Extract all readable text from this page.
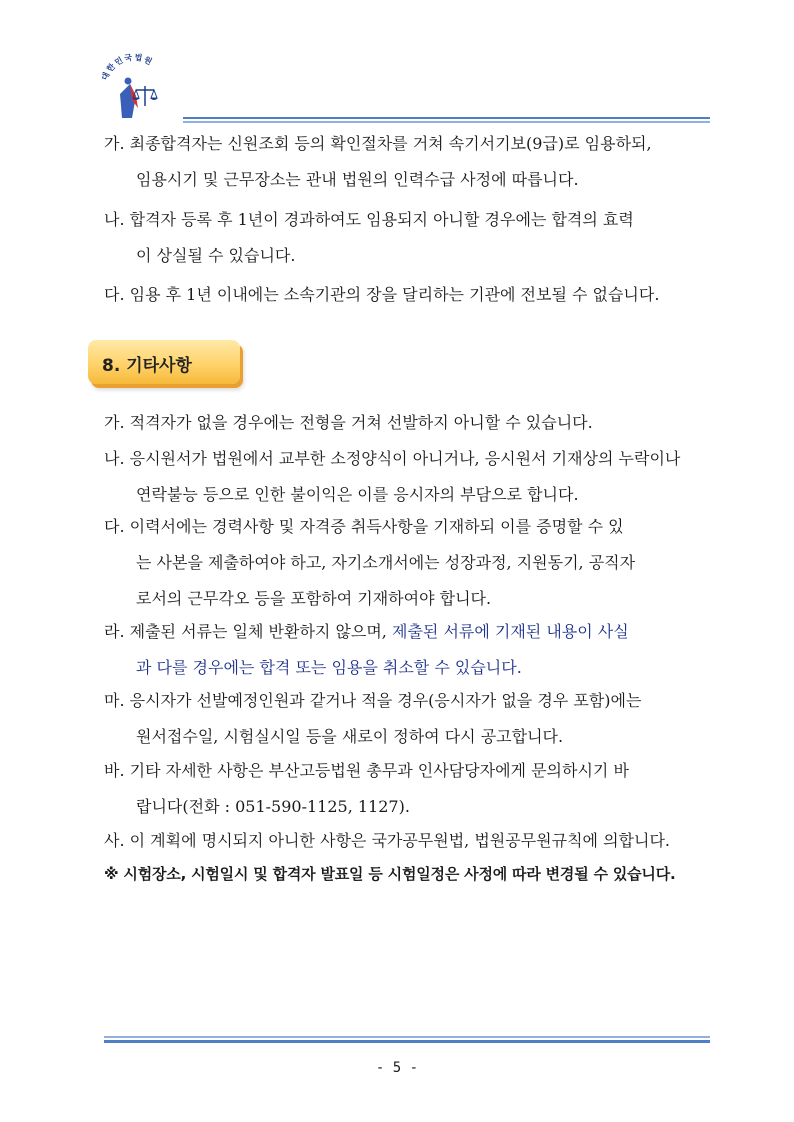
대한민국법원
가. 최종합격자는 신원조회 등의 확인절차를 거쳐 속기서기보(9급)로 임용하되,
임용시기 및 근무장소는 관내 법원의 인력수급 사정에 따릅니다.
나. 합격자 등록 후 1년이 경과하여도 임용되지 아니할 경우에는 합격의 효력
이 상실될 수 있습니다.
다. 임용 후 1년 이내에는 소속기관의 장을 달리하는 기관에 전보될 수 없습니다.
8. 기타사항
가. 적격자가 없을 경우에는 전형을 거쳐 선발하지 아니할 수 있습니다.
나. 응시원서가 법원에서 교부한 소정양식이 아니거나, 응시원서 기재상의 누락이나
연락불능 등으로 인한 불이익은 이를 응시자의 부담으로 합니다.
다. 이력서에는 경력사항 및 자격증 취득사항을 기재하되 이를 증명할 수 있
는 사본을 제출하여야 하고, 자기소개서에는 성장과정, 지원동기, 공직자
로서의 근무각오 등을 포함하여 기재하여야 합니다.
라. 제출된 서류는 일체 반환하지 않으며, 제출된 서류에 기재된 내용이 사실
과 다를 경우에는 합격 또는 임용을 취소할 수 있습니다.
마. 응시자가 선발예정인원과 같거나 적을 경우(응시자가 없을 경우 포함)에는
원서접수일, 시험실시일 등을 새로이 정하여 다시 공고합니다.
바. 기타 자세한 사항은 부산고등법원 총무과 인사담당자에게 문의하시기 바
랍니다(전화 : 051-590-1125, 1127).
사. 이 계획에 명시되지 아니한 사항은 국가공무원법, 법원공무원규칙에 의합니다.
※ 시험장소, 시험일시 및 합격자 발표일 등 시험일정은 사정에 따라 변경될 수 있습니다.
- 5 -
